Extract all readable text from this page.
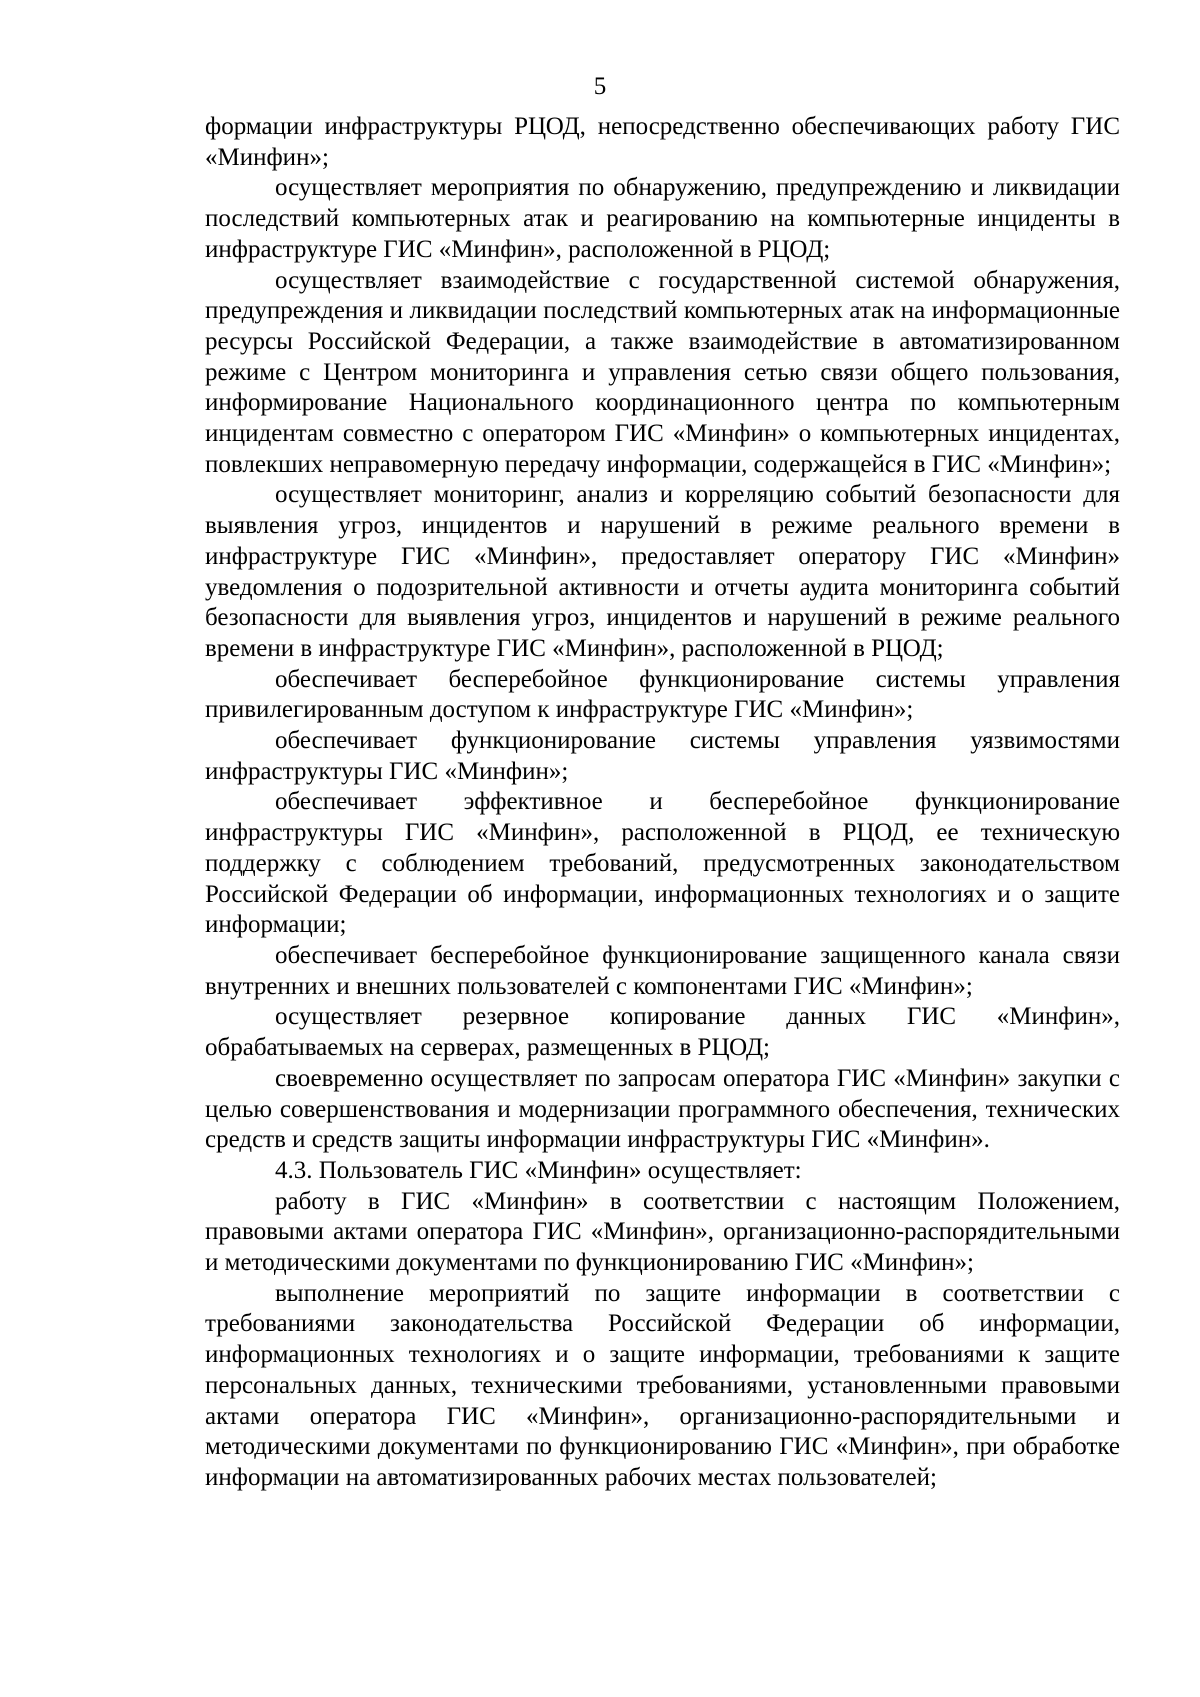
5

формации инфраструктуры РЦОД, непосредственно обеспечивающих работу ГИС «Минфин»;

осуществляет мероприятия по обнаружению, предупреждению и ликвидации последствий компьютерных атак и реагированию на компьютерные инциденты в инфраструктуре ГИС «Минфин», расположенной в РЦОД;

осуществляет взаимодействие с государственной системой обнаружения, предупреждения и ликвидации последствий компьютерных атак на информационные ресурсы Российской Федерации, а также взаимодействие в автоматизированном режиме с Центром мониторинга и управления сетью связи общего пользования, информирование Национального координационного центра по компьютерным инцидентам совместно с оператором ГИС «Минфин» о компьютерных инцидентах, повлекших неправомерную передачу информации, содержащейся в ГИС «Минфин»;

осуществляет мониторинг, анализ и корреляцию событий безопасности для выявления угроз, инцидентов и нарушений в режиме реального времени в инфраструктуре ГИС «Минфин», предоставляет оператору ГИС «Минфин» уведомления о подозрительной активности и отчеты аудита мониторинга событий безопасности для выявления угроз, инцидентов и нарушений в режиме реального времени в инфраструктуре ГИС «Минфин», расположенной в РЦОД;

обеспечивает бесперебойное функционирование системы управления привилегированным доступом к инфраструктуре ГИС «Минфин»;

обеспечивает функционирование системы управления уязвимостями инфраструктуры ГИС «Минфин»;

обеспечивает эффективное и бесперебойное функционирование инфраструктуры ГИС «Минфин», расположенной в РЦОД, ее техническую поддержку с соблюдением требований, предусмотренных законодательством Российской Федерации об информации, информационных технологиях и о защите информации;

обеспечивает бесперебойное функционирование защищенного канала связи внутренних и внешних пользователей с компонентами ГИС «Минфин»;

осуществляет резервное копирование данных ГИС «Минфин», обрабатываемых на серверах, размещенных в РЦОД;

своевременно осуществляет по запросам оператора ГИС «Минфин» закупки с целью совершенствования и модернизации программного обеспечения, технических средств и средств защиты информации инфраструктуры ГИС «Минфин».

4.3. Пользователь ГИС «Минфин» осуществляет:

работу в ГИС «Минфин» в соответствии с настоящим Положением, правовыми актами оператора ГИС «Минфин», организационно-распорядительными и методическими документами по функционированию ГИС «Минфин»;

выполнение мероприятий по защите информации в соответствии с требованиями законодательства Российской Федерации об информации, информационных технологиях и о защите информации, требованиями к защите персональных данных, техническими требованиями, установленными правовыми актами оператора ГИС «Минфин», организационно-распорядительными и методическими документами по функционированию ГИС «Минфин», при обработке информации на автоматизированных рабочих местах пользователей;
